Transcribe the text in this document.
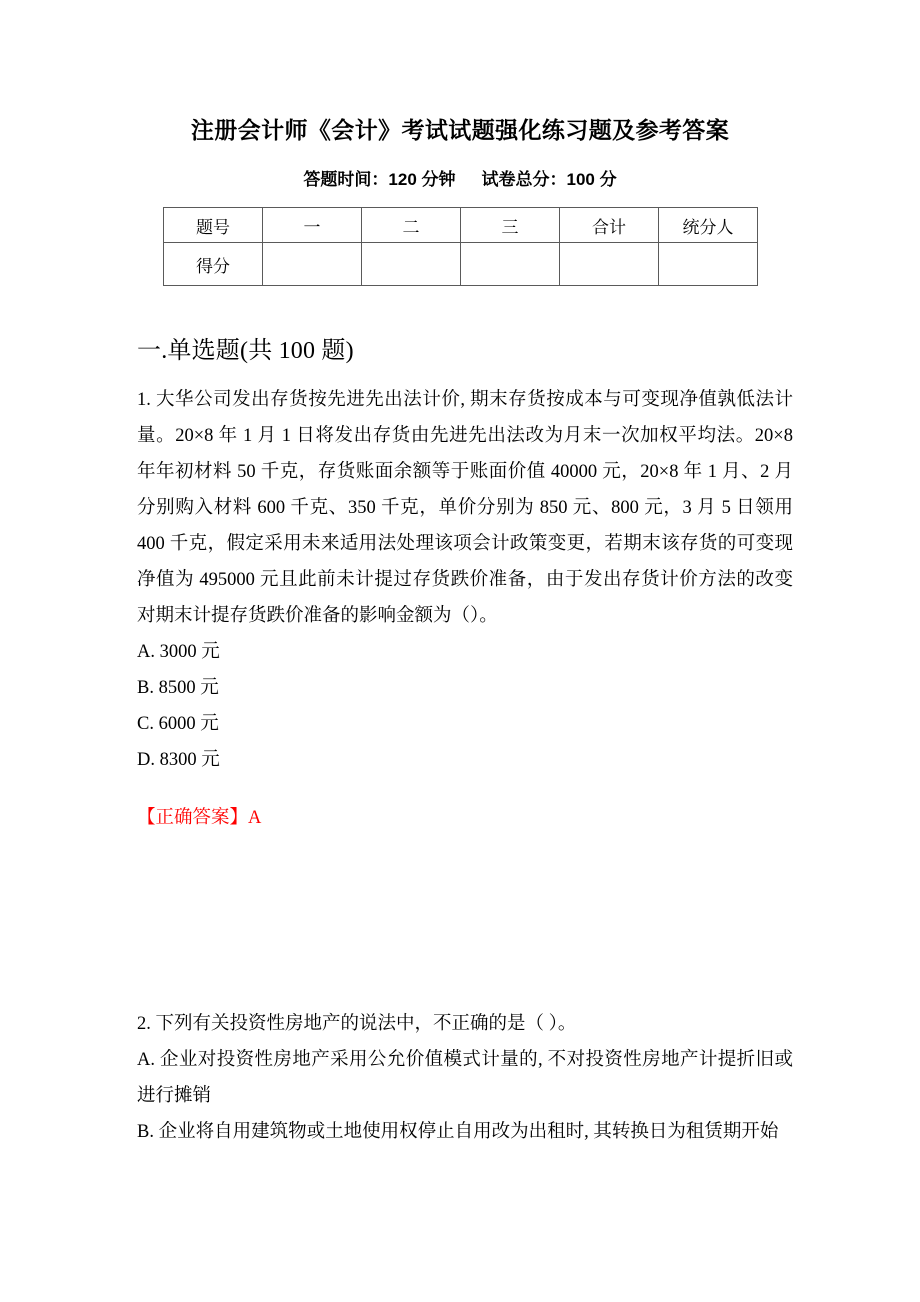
注册会计师《会计》考试试题强化练习题及参考答案
答题时间：120 分钟 试卷总分：100 分
题号	一	二	三	合计	统分人
得分					
一.单选题(共 100 题)

1. 大华公司发出存货按先进先出法计价, 期末存货按成本与可变现净值孰低法计量。20×8 年 1 月 1 日将发出存货由先进先出法改为月末一次加权平均法。20×8 年年初材料 50 千克，存货账面余额等于账面价值 40000 元，20×8 年 1 月、2 月分别购入材料 600 千克、350 千克，单价分别为 850 元、800 元，3 月 5 日领用 400 千克，假定采用未来适用法处理该项会计政策变更，若期末该存货的可变现净值为 495000 元且此前未计提过存货跌价准备，由于发出存货计价方法的改变对期末计提存货跌价准备的影响金额为（）。

A. 3000 元

B. 8500 元

C. 6000 元

D. 8300 元

【正确答案】A

2. 下列有关投资性房地产的说法中，不正确的是（ ）。

A. 企业对投资性房地产采用公允价值模式计量的, 不对投资性房地产计提折旧或进行摊销

B. 企业将自用建筑物或土地使用权停止自用改为出租时, 其转换日为租赁期开始
